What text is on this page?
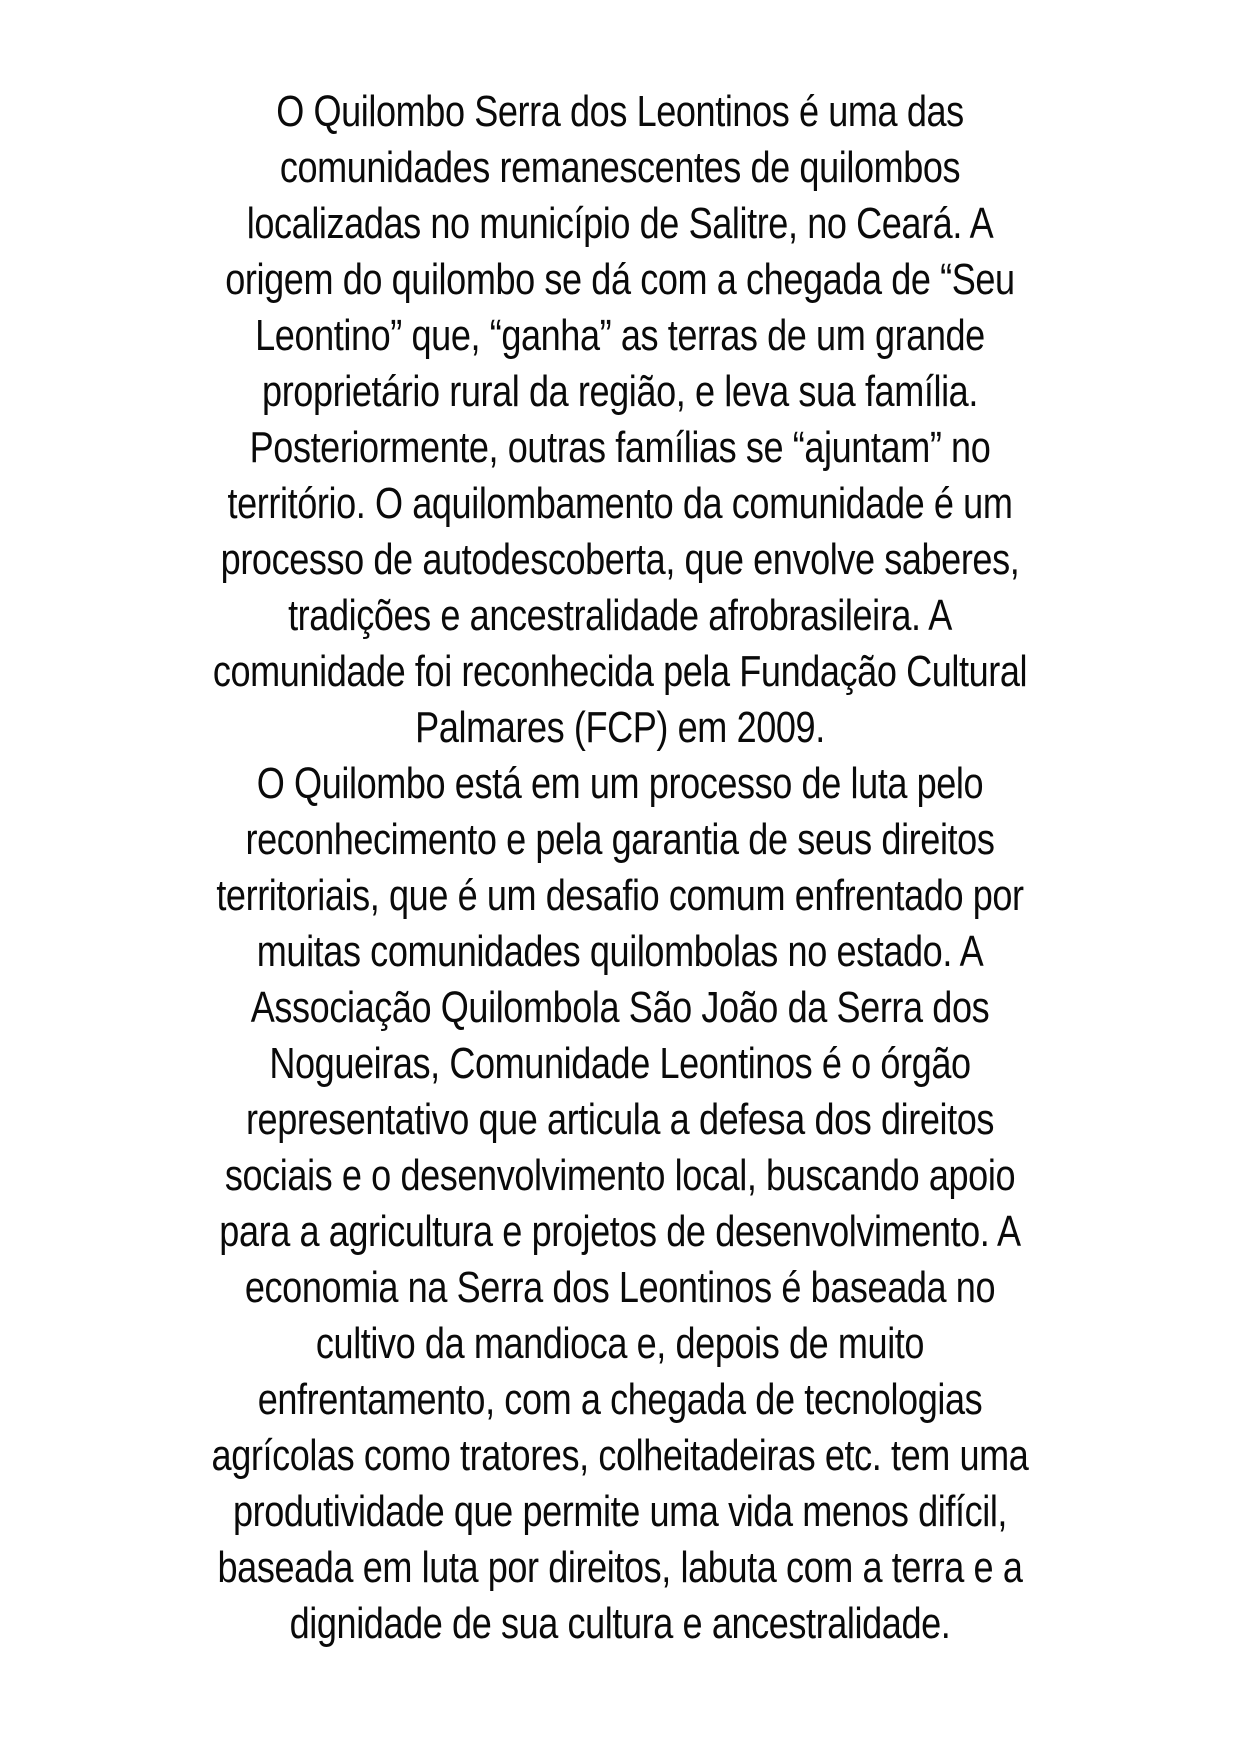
O Quilombo Serra dos Leontinos é uma das
comunidades remanescentes de quilombos
localizadas no município de Salitre, no Ceará. A
origem do quilombo se dá com a chegada de “Seu
Leontino” que, “ganha” as terras de um grande
proprietário rural da região, e leva sua família.
Posteriormente, outras famílias se “ajuntam” no
território. O aquilombamento da comunidade é um
processo de autodescoberta, que envolve saberes,
tradições e ancestralidade afrobrasileira. A
comunidade foi reconhecida pela Fundação Cultural
Palmares (FCP) em 2009.
O Quilombo está em um processo de luta pelo
reconhecimento e pela garantia de seus direitos
territoriais, que é um desafio comum enfrentado por
muitas comunidades quilombolas no estado. A
Associação Quilombola São João da Serra dos
Nogueiras, Comunidade Leontinos é o órgão
representativo que articula a defesa dos direitos
sociais e o desenvolvimento local, buscando apoio
para a agricultura e projetos de desenvolvimento. A
economia na Serra dos Leontinos é baseada no
cultivo da mandioca e, depois de muito
enfrentamento, com a chegada de tecnologias
agrícolas como tratores, colheitadeiras etc. tem uma
produtividade que permite uma vida menos difícil,
baseada em luta por direitos, labuta com a terra e a
dignidade de sua cultura e ancestralidade.
